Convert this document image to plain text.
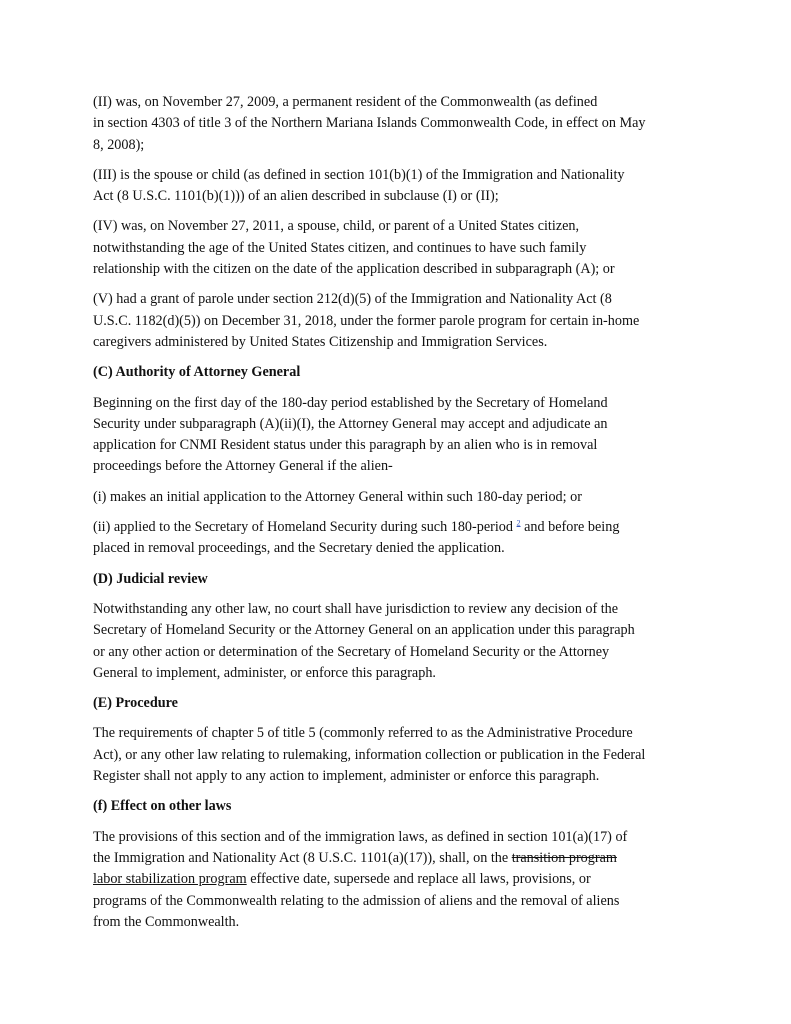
(II) was, on November 27, 2009, a permanent resident of the Commonwealth (as defined
in section 4303 of title 3 of the Northern Mariana Islands Commonwealth Code, in effect on May
8, 2008);

(III) is the spouse or child (as defined in section 101(b)(1) of the Immigration and Nationality
Act (8 U.S.C. 1101(b)(1))) of an alien described in subclause (I) or (II);

(IV) was, on November 27, 2011, a spouse, child, or parent of a United States citizen,
notwithstanding the age of the United States citizen, and continues to have such family
relationship with the citizen on the date of the application described in subparagraph (A); or

(V) had a grant of parole under section 212(d)(5) of the Immigration and Nationality Act (8
U.S.C. 1182(d)(5)) on December 31, 2018, under the former parole program for certain in-home
caregivers administered by United States Citizenship and Immigration Services.

(C) Authority of Attorney General

Beginning on the first day of the 180-day period established by the Secretary of Homeland
Security under subparagraph (A)(ii)(I), the Attorney General may accept and adjudicate an
application for CNMI Resident status under this paragraph by an alien who is in removal
proceedings before the Attorney General if the alien-

(i) makes an initial application to the Attorney General within such 180-day period; or

(ii) applied to the Secretary of Homeland Security during such 180-period $^2$ and before being
placed in removal proceedings, and the Secretary denied the application.

(D) Judicial review

Notwithstanding any other law, no court shall have jurisdiction to review any decision of the
Secretary of Homeland Security or the Attorney General on an application under this paragraph
or any other action or determination of the Secretary of Homeland Security or the Attorney
General to implement, administer, or enforce this paragraph.

(E) Procedure

The requirements of chapter 5 of title 5 (commonly referred to as the Administrative Procedure
Act), or any other law relating to rulemaking, information collection or publication in the Federal
Register shall not apply to any action to implement, administer or enforce this paragraph.

(f) Effect on other laws

The provisions of this section and of the immigration laws, as defined in section 101(a)(17) of
the Immigration and Nationality Act (8 U.S.C. 1101(a)(17)), shall, on the transition program
labor stabilization program effective date, supersede and replace all laws, provisions, or
programs of the Commonwealth relating to the admission of aliens and the removal of aliens
from the Commonwealth.
